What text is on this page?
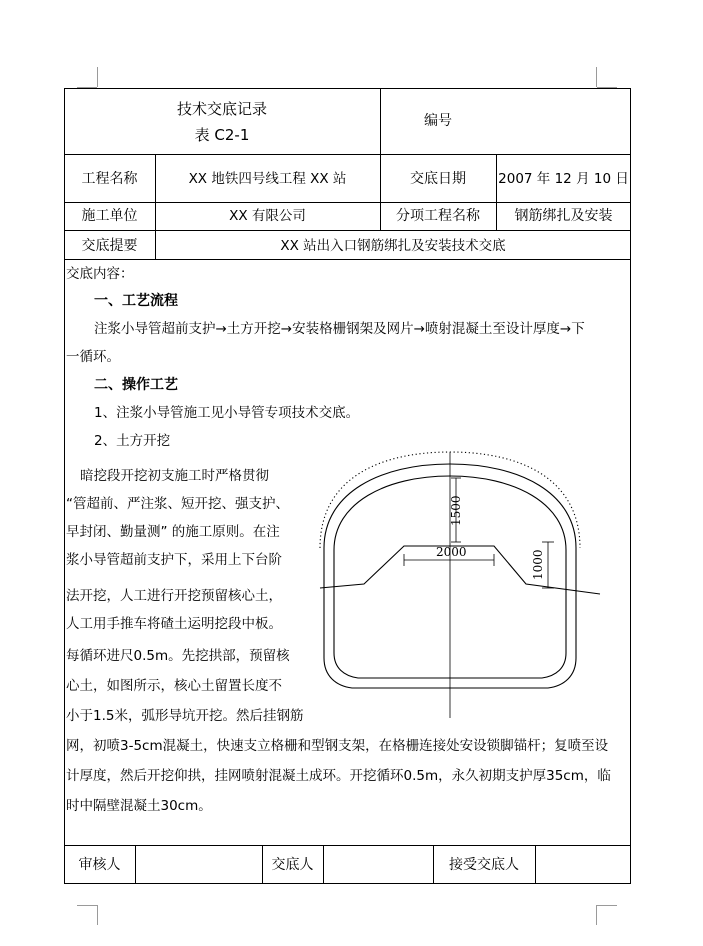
技术交底记录
表 C2-1
编号
工程名称	XX 地铁四号线工程 XX 站	交底日期	2007 年 12 月 10 日
施工单位	XX 有限公司	分项工程名称	钢筋绑扎及安装
交底提要	XX 站出入口钢筋绑扎及安装技术交底
交底内容：
一、工艺流程
注浆小导管超前支护→土方开挖→安装格栅钢架及网片→喷射混凝土至设计厚度→下
一循环。
二、操作工艺
1、注浆小导管施工见小导管专项技术交底。
2、土方开挖
暗挖段开挖初支施工时严格贯彻
“管超前、严注浆、短开挖、强支护、
早封闭、勤量测” 的施工原则。在注
浆小导管超前支护下，采用上下台阶
法开挖，人工进行开挖预留核心土，
人工用手推车将碴土运明挖段中板。
每循环进尺0.5m。先挖拱部，预留核
心土，如图所示，核心土留置长度不
小于1.5米，弧形导坑开挖。然后挂钢筋
网，初喷3-5cm混凝土，快速支立格栅和型钢支架，在格栅连接处安设锁脚锚杆；复喷至设
计厚度，然后开挖仰拱，挂网喷射混凝土成环。开挖循环0.5m，永久初期支护厚35cm，临
时中隔壁混凝土30cm。
1500
2000	1000
审核人	交底人	接受交底人
